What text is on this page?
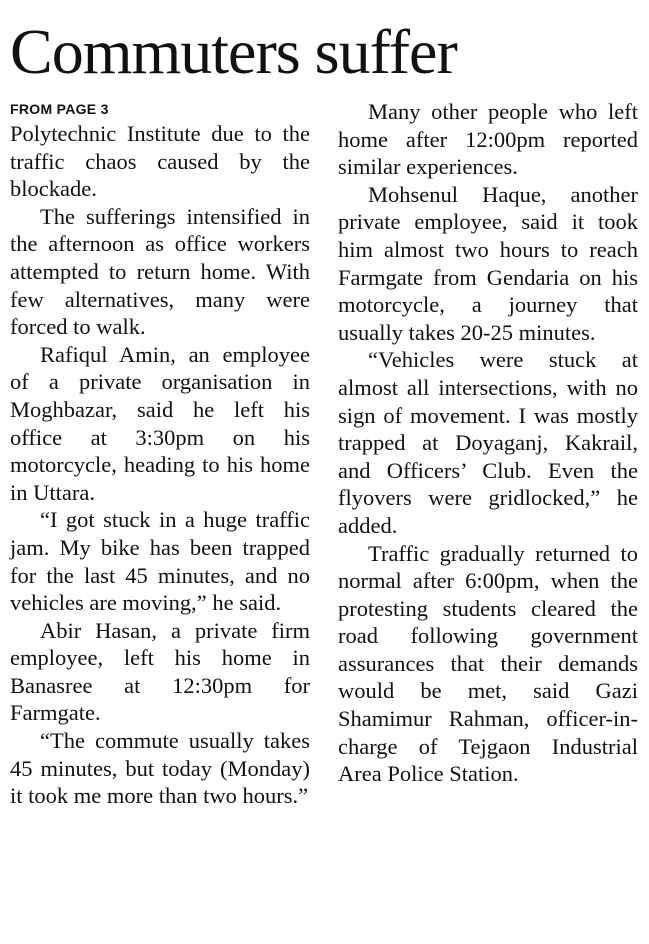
Commuters suffer
FROM PAGE 3

Polytechnic Institute due to the traffic chaos caused by the blockade.

The sufferings intensified in the afternoon as office workers attempted to return home. With few alternatives, many were forced to walk.

Rafiqul Amin, an employee of a private organisation in Moghbazar, said he left his office at 3:30pm on his motorcycle, heading to his home in Uttara.

“I got stuck in a huge traffic jam. My bike has been trapped for the last 45 minutes, and no vehicles are moving,” he said.

Abir Hasan, a private firm employee, left his home in Banasree at 12:30pm for Farmgate.

“The commute usually takes 45 minutes, but today (Monday) it took me more than two hours.”

Many other people who left home after 12:00pm reported similar experiences.

Mohsenul Haque, another private employee, said it took him almost two hours to reach Farmgate from Gendaria on his motorcycle, a journey that usually takes 20-25 minutes.

“Vehicles were stuck at almost all intersections, with no sign of movement. I was mostly trapped at Doyaganj, Kakrail, and Officers’ Club. Even the flyovers were gridlocked,” he added.

Traffic gradually returned to normal after 6:00pm, when the protesting students cleared the road following government assurances that their demands would be met, said Gazi Shamimur Rahman, officer-in-charge of Tejgaon Industrial Area Police Station.
